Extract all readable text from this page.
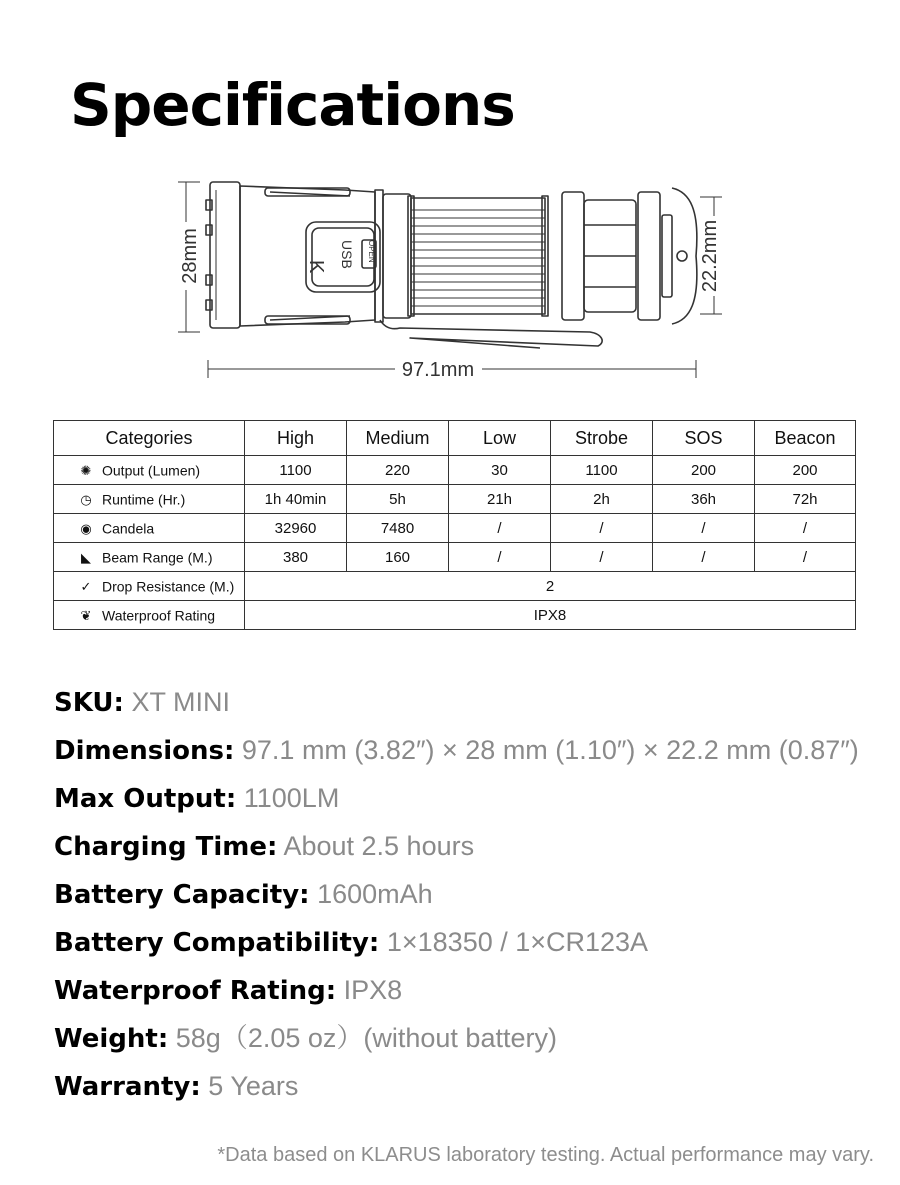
Specifications
K USB OPEN
28mm	22.2mm
97.1mm
Categories	High	Medium	Low	Strobe	SOS	Beacon
✺ Output (Lumen)	1100	220	30	1100	200	200
◷ Runtime (Hr.)	1h 40min	5h	21h	2h	36h	72h
◉ Candela	32960	7480	/	/	/	/
◣ Beam Range (M.)	380	160	/	/	/	/
✓ Drop Resistance (M.)	2					
❦ Waterproof Rating	IPX8					
SKU: XT MINI
Dimensions: 97.1 mm (3.82″) × 28 mm (1.10″) × 22.2 mm (0.87″)
Max Output: 1100LM
Charging Time: About 2.5 hours
Battery Capacity: 1600mAh
Battery Compatibility: 1×18350 / 1×CR123A
Waterproof Rating: IPX8
Weight: 58g（2.05 oz）(without battery)
Warranty: 5 Years
*Data based on KLARUS laboratory testing. Actual performance may vary.
